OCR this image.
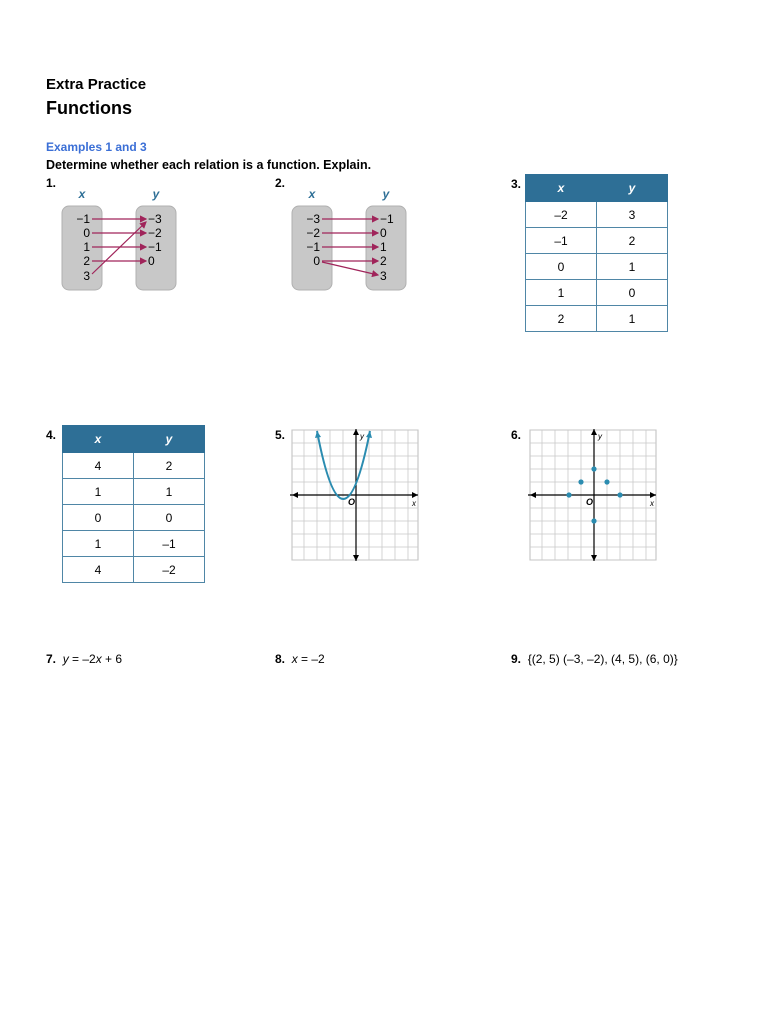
Extra Practice
Functions
Examples 1 and 3
Determine whether each relation is a function. Explain.
1.
x	y
−1
0
1
2
3
−3
−2
−1
0
2.
x	y
−3
−2
−1
0
−1
0
1
2
3
3.	x	y
–2	3
–1	2
0	1
1	0
2	1
4.	x	y
4	2
1	1
0	0
1	–1
4	–2
5.	y
x
O
6.	y
x
O
7. y = –2x + 6	8. x = –2	9. {(2, 5) (–3, –2), (4, 5), (6, 0)}
